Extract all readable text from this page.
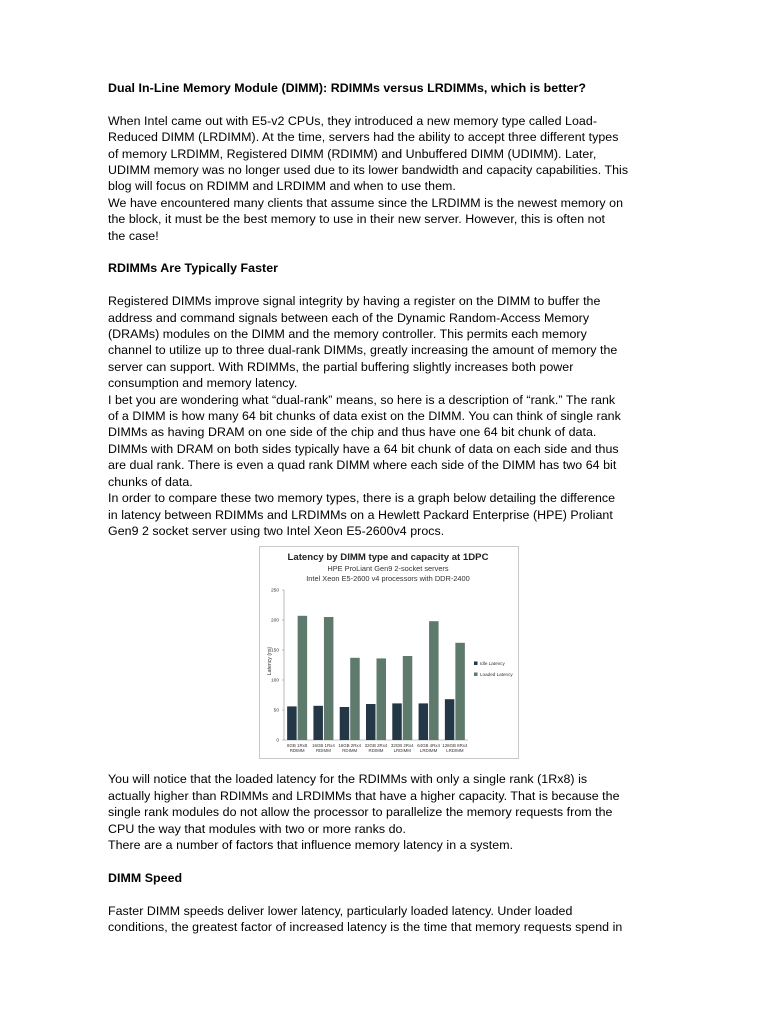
Dual In-Line Memory Module (DIMM): RDIMMs versus LRDIMMs, which is better?

When Intel came out with E5-v2 CPUs, they introduced a new memory type called Load-

Reduced DIMM (LRDIMM). At the time, servers had the ability to accept three different types

of memory LRDIMM, Registered DIMM (RDIMM) and Unbuffered DIMM (UDIMM). Later,

UDIMM memory was no longer used due to its lower bandwidth and capacity capabilities. This

blog will focus on RDIMM and LRDIMM and when to use them.

We have encountered many clients that assume since the LRDIMM is the newest memory on

the block, it must be the best memory to use in their new server. However, this is often not

the case!

RDIMMs Are Typically Faster

Registered DIMMs improve signal integrity by having a register on the DIMM to buffer the

address and command signals between each of the Dynamic Random-Access Memory

(DRAMs) modules on the DIMM and the memory controller. This permits each memory

channel to utilize up to three dual-rank DIMMs, greatly increasing the amount of memory the

server can support. With RDIMMs, the partial buffering slightly increases both power

consumption and memory latency.

I bet you are wondering what “dual-rank” means, so here is a description of “rank.” The rank

of a DIMM is how many 64 bit chunks of data exist on the DIMM. You can think of single rank

DIMMs as having DRAM on one side of the chip and thus have one 64 bit chunk of data.

DIMMs with DRAM on both sides typically have a 64 bit chunk of data on each side and thus

are dual rank. There is even a quad rank DIMM where each side of the DIMM has two 64 bit

chunks of data.

In order to compare these two memory types, there is a graph below detailing the difference

in latency between RDIMMs and LRDIMMs on a Hewlett Packard Enterprise (HPE) Proliant

Gen9 2 socket server using two Intel Xeon E5-2600v4 procs.

Latency by DIMM type and capacity at 1DPC
HPE ProLiant Gen9 2-socket servers
Intel Xeon E5-2600 v4 processors with DDR-2400
Latency (ns)
0
50
100
150
200
250
8GB 1Rx8
RDIMM
16GB 1Rx4
RDIMM
16GB 2Rx4
RDIMM
32GB 2Rx4
RDIMM
32GB 2Rx4
LRDIMM
64GB 4Rx4
LRDIMM
128GB 8Rx4
LRDIMM
Idle Latency
Loaded Latency

You will notice that the loaded latency for the RDIMMs with only a single rank (1Rx8) is

actually higher than RDIMMs and LRDIMMs that have a higher capacity. That is because the

single rank modules do not allow the processor to parallelize the memory requests from the

CPU the way that modules with two or more ranks do.

There are a number of factors that influence memory latency in a system.

DIMM Speed

Faster DIMM speeds deliver lower latency, particularly loaded latency. Under loaded

conditions, the greatest factor of increased latency is the time that memory requests spend in
